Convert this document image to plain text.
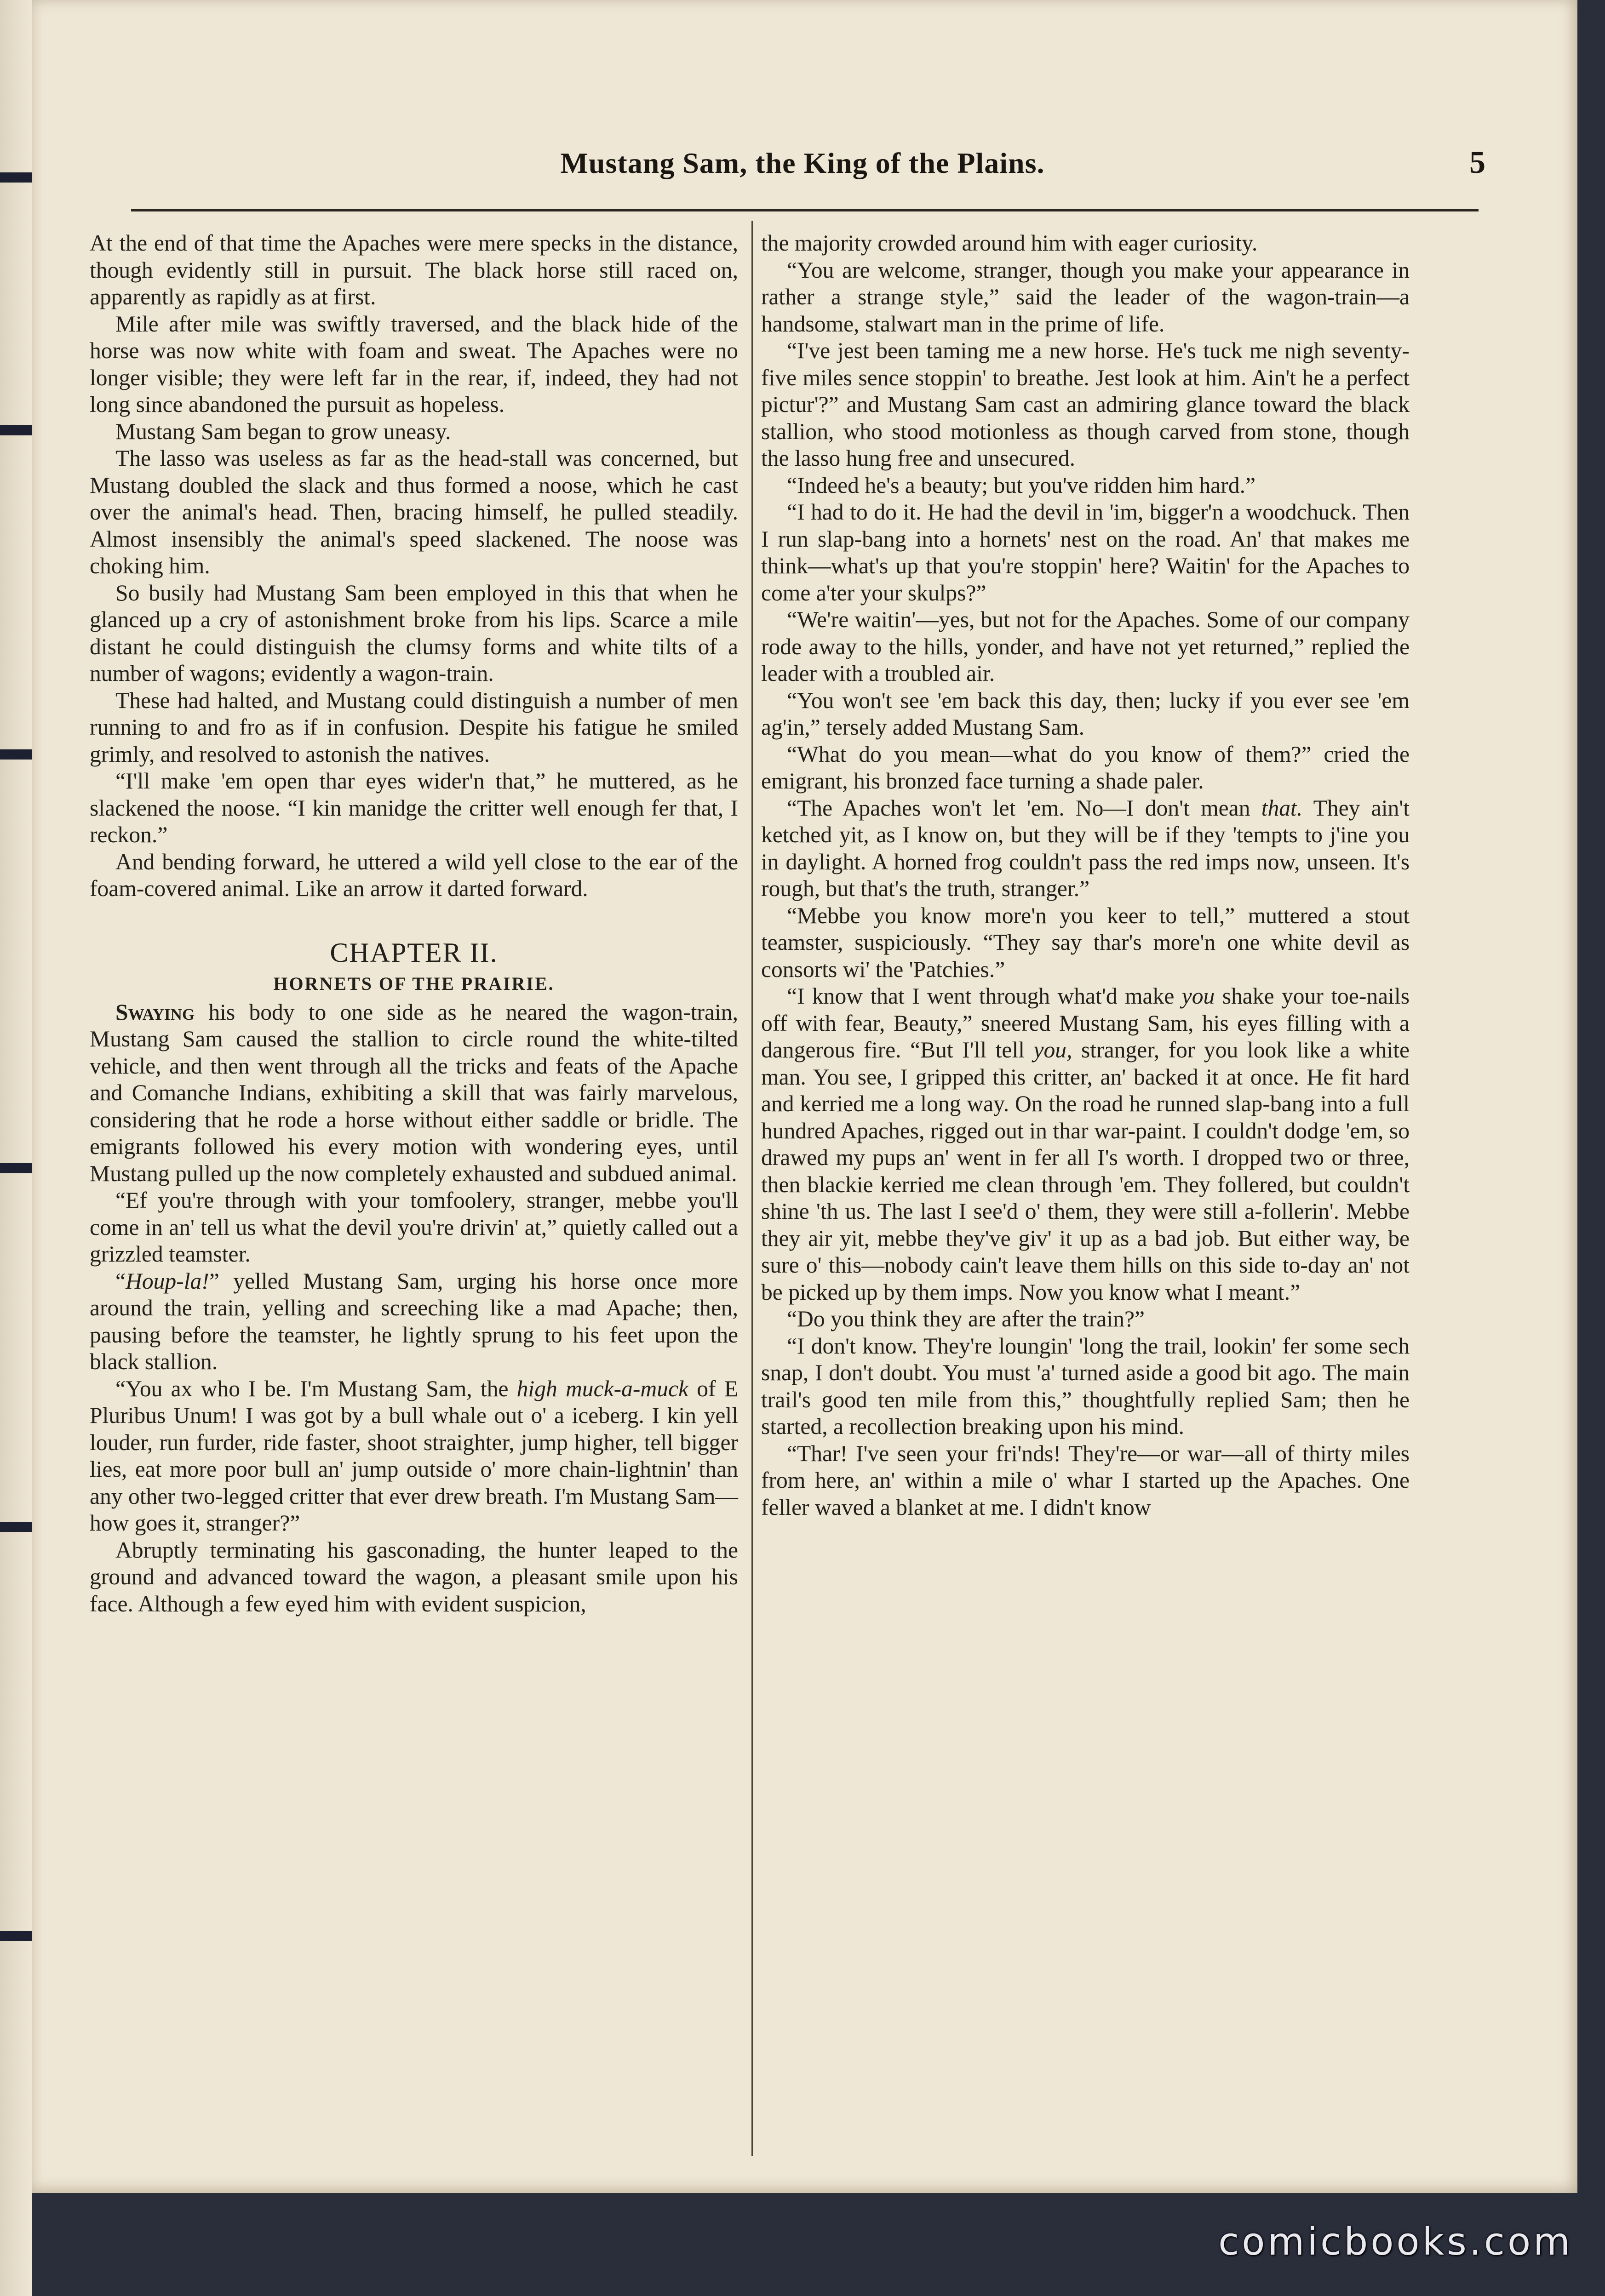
Mustang Sam, the King of the Plains.	5

At the end of that time the Apaches were mere specks in the distance, though evidently still in pursuit. The black horse still raced on, apparently as rapidly as at first.

Mile after mile was swiftly traversed, and the black hide of the horse was now white with foam and sweat. The Apaches were no longer visible; they were left far in the rear, if, indeed, they had not long since abandoned the pursuit as hopeless.

Mustang Sam began to grow uneasy.

The lasso was useless as far as the head-stall was concerned, but Mustang doubled the slack and thus formed a noose, which he cast over the animal's head. Then, bracing himself, he pulled steadily. Almost insensibly the animal's speed slackened. The noose was choking him.

So busily had Mustang Sam been employed in this that when he glanced up a cry of astonishment broke from his lips. Scarce a mile distant he could distinguish the clumsy forms and white tilts of a number of wagons; evidently a wagon-train.

These had halted, and Mustang could distinguish a number of men running to and fro as if in confusion. Despite his fatigue he smiled grimly, and resolved to astonish the natives.

“I'll make 'em open thar eyes wider'n that,” he muttered, as he slackened the noose. “I kin manidge the critter well enough fer that, I reckon.”

And bending forward, he uttered a wild yell close to the ear of the foam-covered animal. Like an arrow it darted forward.

CHAPTER II.
HORNETS OF THE PRAIRIE.

Swaying his body to one side as he neared the wagon-train, Mustang Sam caused the stallion to circle round the white-tilted vehicle, and then went through all the tricks and feats of the Apache and Comanche Indians, exhibiting a skill that was fairly marvelous, considering that he rode a horse without either saddle or bridle. The emigrants followed his every motion with wondering eyes, until Mustang pulled up the now completely exhausted and subdued animal.

“Ef you're through with your tomfoolery, stranger, mebbe you'll come in an' tell us what the devil you're drivin' at,” quietly called out a grizzled teamster.

“Houp-la!” yelled Mustang Sam, urging his horse once more around the train, yelling and screeching like a mad Apache; then, pausing before the teamster, he lightly sprung to his feet upon the black stallion.

“You ax who I be. I'm Mustang Sam, the high muck-a-muck of E Pluribus Unum! I was got by a bull whale out o' a iceberg. I kin yell louder, run furder, ride faster, shoot straighter, jump higher, tell bigger lies, eat more poor bull an' jump outside o' more chain-lightnin' than any other two-legged critter that ever drew breath. I'm Mustang Sam—how goes it, stranger?”

Abruptly terminating his gasconading, the hunter leaped to the ground and advanced toward the wagon, a pleasant smile upon his face. Although a few eyed him with evident suspicion,

the majority crowded around him with eager curiosity.

“You are welcome, stranger, though you make your appearance in rather a strange style,” said the leader of the wagon-train—a handsome, stalwart man in the prime of life.

“I've jest been taming me a new horse. He's tuck me nigh seventy-five miles sence stoppin' to breathe. Jest look at him. Ain't he a perfect pictur'?” and Mustang Sam cast an admiring glance toward the black stallion, who stood motionless as though carved from stone, though the lasso hung free and unsecured.

“Indeed he's a beauty; but you've ridden him hard.”

“I had to do it. He had the devil in 'im, bigger'n a woodchuck. Then I run slap-bang into a hornets' nest on the road. An' that makes me think—what's up that you're stoppin' here? Waitin' for the Apaches to come a'ter your skulps?”

“We're waitin'—yes, but not for the Apaches. Some of our company rode away to the hills, yonder, and have not yet returned,” replied the leader with a troubled air.

“You won't see 'em back this day, then; lucky if you ever see 'em ag'in,” tersely added Mustang Sam.

“What do you mean—what do you know of them?” cried the emigrant, his bronzed face turning a shade paler.

“The Apaches won't let 'em. No—I don't mean that. They ain't ketched yit, as I know on, but they will be if they 'tempts to j'ine you in daylight. A horned frog couldn't pass the red imps now, unseen. It's rough, but that's the truth, stranger.”

“Mebbe you know more'n you keer to tell,” muttered a stout teamster, suspiciously. “They say thar's more'n one white devil as consorts wi' the 'Patchies.”

“I know that I went through what'd make you shake your toe-nails off with fear, Beauty,” sneered Mustang Sam, his eyes filling with a dangerous fire. “But I'll tell you, stranger, for you look like a white man. You see, I gripped this critter, an' backed it at once. He fit hard and kerried me a long way. On the road he runned slap-bang into a full hundred Apaches, rigged out in thar war-paint. I couldn't dodge 'em, so drawed my pups an' went in fer all I's worth. I dropped two or three, then blackie kerried me clean through 'em. They follered, but couldn't shine 'th us. The last I see'd o' them, they were still a-follerin'. Mebbe they air yit, mebbe they've giv' it up as a bad job. But either way, be sure o' this—nobody cain't leave them hills on this side to-day an' not be picked up by them imps. Now you know what I meant.”

“Do you think they are after the train?”

“I don't know. They're loungin' 'long the trail, lookin' fer some sech snap, I don't doubt. You must 'a' turned aside a good bit ago. The main trail's good ten mile from this,” thoughtfully replied Sam; then he started, a recollection breaking upon his mind.

“Thar! I've seen your fri'nds! They're—or war—all of thirty miles from here, an' within a mile o' whar I started up the Apaches. One feller waved a blanket at me. I didn't know

comicbooks.com
